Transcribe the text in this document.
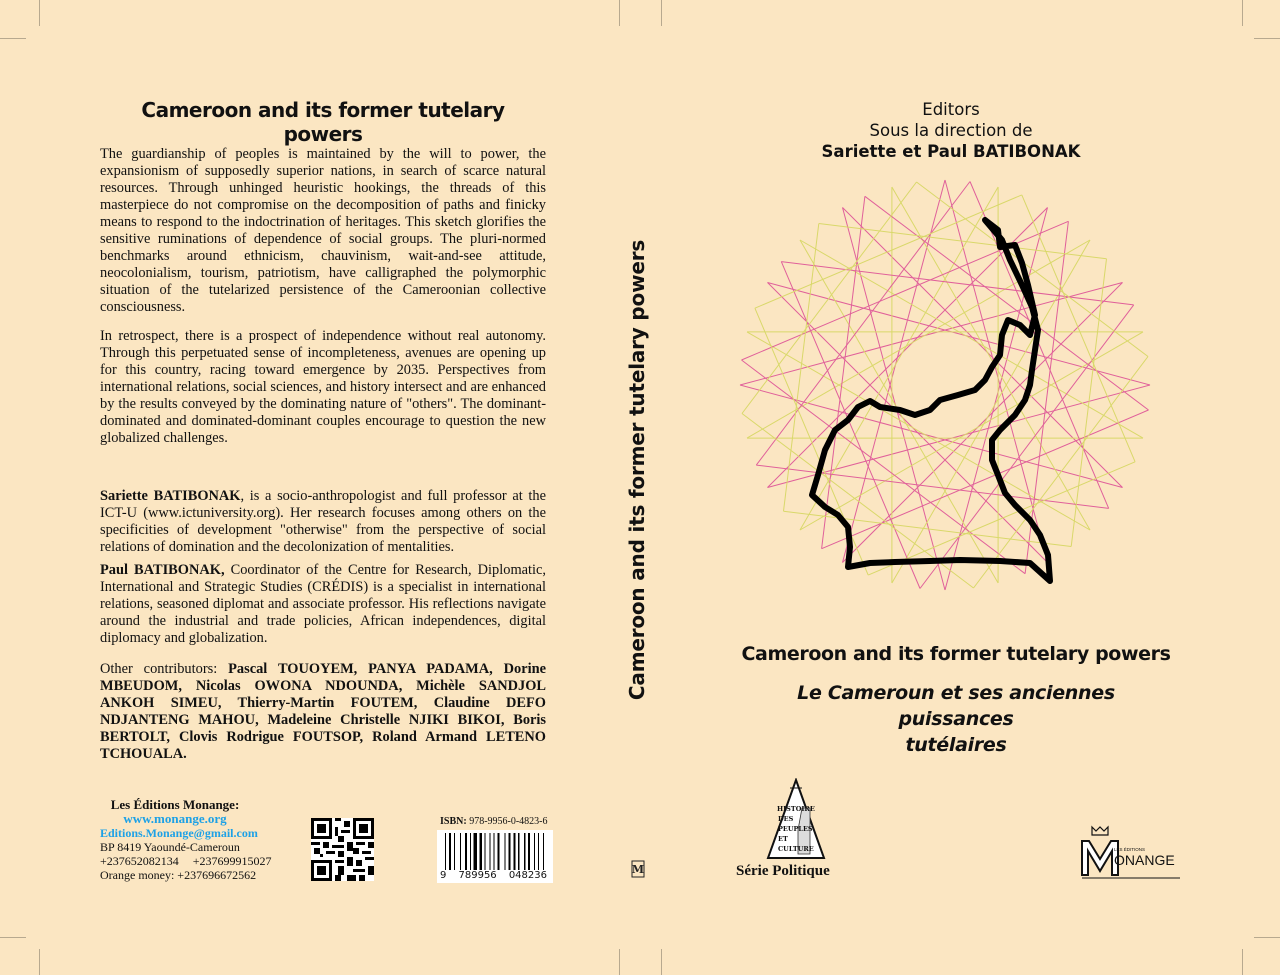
Cameroon and its former tutelary powers

The guardianship of peoples is maintained by the will to power, the expansionism of supposedly superior nations, in search of scarce natural resources. Through unhinged heuristic hookings, the threads of this masterpiece do not compromise on the decomposition of paths and finicky means to respond to the indoctrination of heritages. This sketch glorifies the sensitive ruminations of dependence of social groups. The pluri-normed benchmarks around ethnicism, chauvinism, wait-and-see attitude, neocolonialism, tourism, patriotism, have calligraphed the polymorphic situation of the tutelarized persistence of the Cameroonian collective consciousness.

In retrospect, there is a prospect of independence without real autonomy. Through this perpetuated sense of incompleteness, avenues are opening up for this country, racing toward emergence by 2035. Perspectives from international relations, social sciences, and history intersect and are enhanced by the results conveyed by the dominating nature of "others". The dominant-dominated and dominated-dominant couples encourage to question the new globalized challenges.

Sariette BATIBONAK, is a socio-anthropologist and full professor at the ICT-U (www.ictuniversity.org). Her research focuses among others on the specificities of development "otherwise" from the perspective of social relations of domination and the decolonization of mentalities.

Paul BATIBONAK, Coordinator of the Centre for Research, Diplomatic, International and Strategic Studies (CRÉDIS) is a specialist in international relations, seasoned diplomat and associate professor. His reflections navigate around the industrial and trade policies, African independences, digital diplomacy and globalization.

Other contributors: Pascal TOUOYEM, PANYA PADAMA, Dorine MBEUDOM, Nicolas OWONA NDOUNDA, Michèle SANDJOL ANKOH SIMEU, Thierry-Martin FOUTEM, Claudine DEFO NDJANTENG MAHOU, Madeleine Christelle NJIKI BIKOI, Boris BERTOLT, Clovis Rodrigue FOUTSOP, Roland Armand LETENO TCHOUALA.

Les Éditions Monange:
www.monange.org
Editions.Monange@gmail.com
BP 8419 Yaoundé-Cameroun
+237652082134 +237699915027
Orange money: +237696672562
ISBN: 978-9956-0-4823-6
9 789956 048236
Cameroon and its former tutelary powers
M
Editors
Sous la direction de
Sariette et Paul BATIBONAK
Cameroon and its former tutelary powers
Le Cameroun et ses anciennes puissances
tutélaires
HISTOIRE
DES
PEUPLES
ET
CULTURE
Série Politique
LES ÉDITIONS
ONANGE
